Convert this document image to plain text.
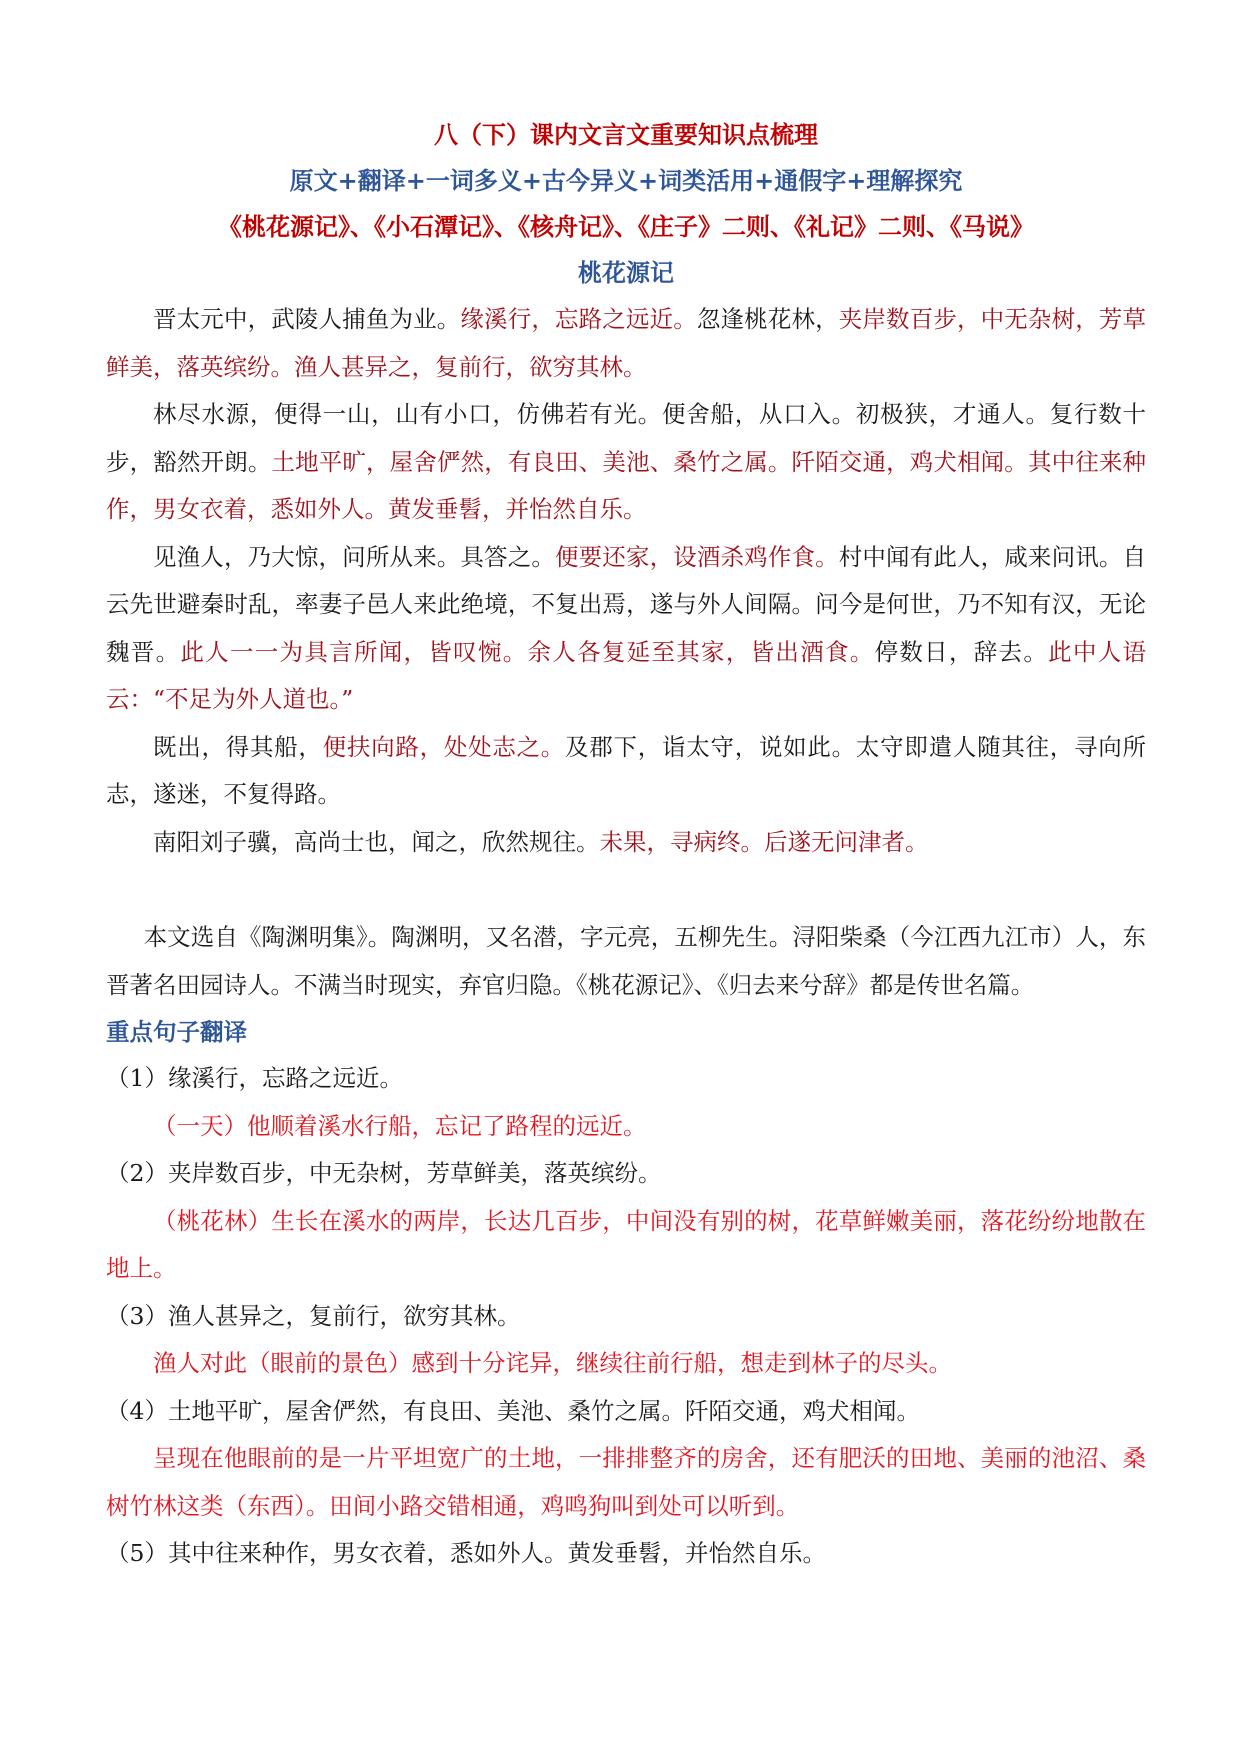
八（下）课内文言文重要知识点梳理

原文+翻译+一词多义+古今异义+词类活用+通假字+理解探究

《桃花源记》、《小石潭记》、《核舟记》、《庄子》二则、《礼记》二则、《马说》

桃花源记

晋太元中，武陵人捕鱼为业。缘溪行，忘路之远近。忽逢桃花林，夹岸数百步，中无杂树，芳草鲜美，落英缤纷。渔人甚异之，复前行，欲穷其林。

林尽水源，便得一山，山有小口，仿佛若有光。便舍船，从口入。初极狭，才通人。复行数十步，豁然开朗。土地平旷，屋舍俨然，有良田、美池、桑竹之属。阡陌交通，鸡犬相闻。其中往来种作，男女衣着，悉如外人。黄发垂髫，并怡然自乐。

见渔人，乃大惊，问所从来。具答之。便要还家，设酒杀鸡作食。村中闻有此人，咸来问讯。自云先世避秦时乱，率妻子邑人来此绝境，不复出焉，遂与外人间隔。问今是何世，乃不知有汉，无论魏晋。此人一一为具言所闻，皆叹惋。余人各复延至其家，皆出酒食。停数日，辞去。此中人语云：“不足为外人道也。”

既出，得其船，便扶向路，处处志之。及郡下，诣太守，说如此。太守即遣人随其往，寻向所志，遂迷，不复得路。

南阳刘子骥，高尚士也，闻之，欣然规往。未果，寻病终。后遂无问津者。

本文选自《陶渊明集》。陶渊明，又名潜，字元亮，五柳先生。浔阳柴桑（今江西九江市）人，东晋著名田园诗人。不满当时现实，弃官归隐。《桃花源记》、《归去来兮辞》都是传世名篇。

重点句子翻译

（1）缘溪行，忘路之远近。

（一天）他顺着溪水行船，忘记了路程的远近。

（2）夹岸数百步，中无杂树，芳草鲜美，落英缤纷。

（桃花林）生长在溪水的两岸，长达几百步，中间没有别的树，花草鲜嫩美丽，落花纷纷地散在地上。

（3）渔人甚异之，复前行，欲穷其林。

渔人对此（眼前的景色）感到十分诧异，继续往前行船，想走到林子的尽头。

（4）土地平旷，屋舍俨然，有良田、美池、桑竹之属。阡陌交通，鸡犬相闻。

呈现在他眼前的是一片平坦宽广的土地，一排排整齐的房舍，还有肥沃的田地、美丽的池沼、桑树竹林这类（东西）。田间小路交错相通，鸡鸣狗叫到处可以听到。

（5）其中往来种作，男女衣着，悉如外人。黄发垂髫，并怡然自乐。
